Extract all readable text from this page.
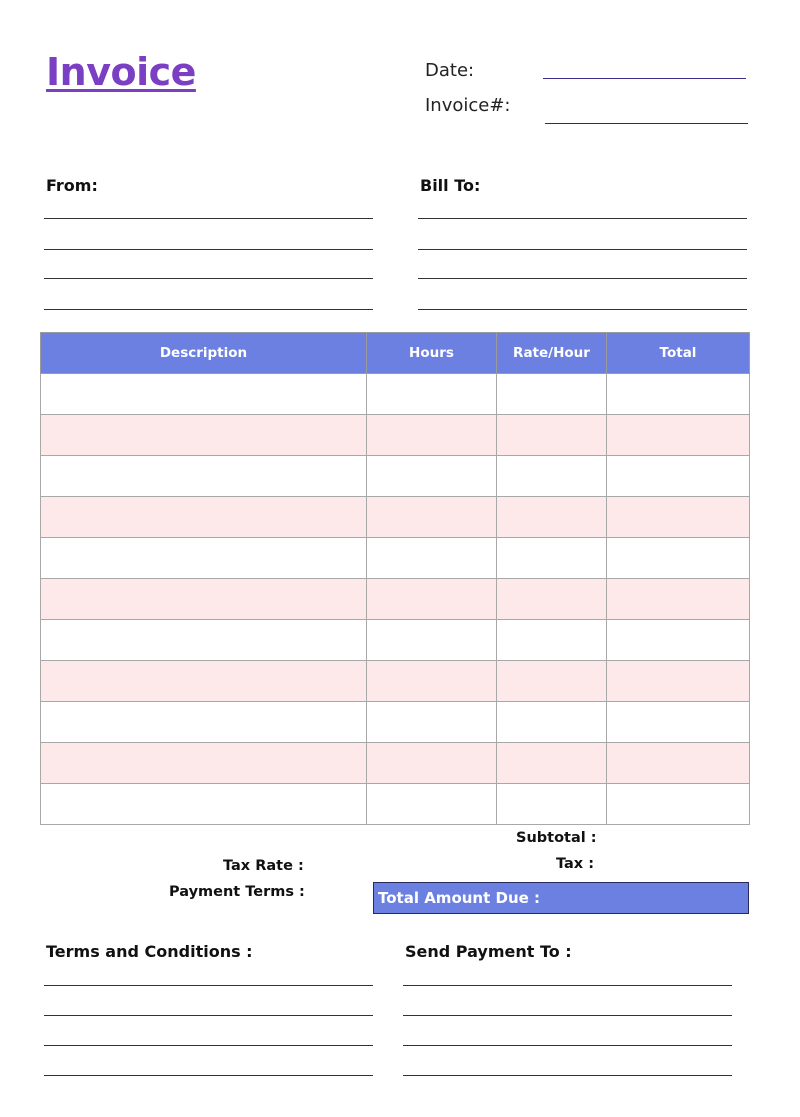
Invoice	Date:
Invoice#:
From:	Bill To:
Description	Hours	Rate/Hour	Total

Subtotal :
Tax :
Tax Rate :
Payment Terms :	Total Amount Due :
Terms and Conditions :	Send Payment To :
